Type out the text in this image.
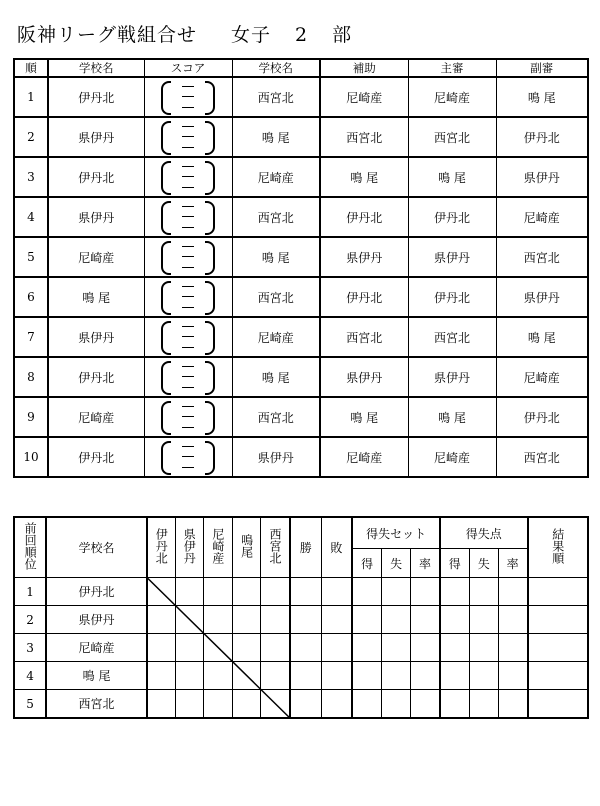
阪神リーグ戦組合せ 女子 2 部
順	学校名	スコア	学校名	補助	主審	副審
1	伊丹北		西宮北	尼崎産	尼崎産	鳴 尾
2	県伊丹		鳴 尾	西宮北	西宮北	伊丹北
3	伊丹北		尼崎産	鳴 尾	鳴 尾	県伊丹
4	県伊丹		西宮北	伊丹北	伊丹北	尼崎産
5	尼崎産		鳴 尾	県伊丹	県伊丹	西宮北
6	鳴 尾		西宮北	伊丹北	伊丹北	県伊丹
7	県伊丹		尼崎産	西宮北	西宮北	鳴 尾
8	伊丹北		鳴 尾	県伊丹	県伊丹	尼崎産
9	尼崎産		西宮北	鳴 尾	鳴 尾	伊丹北
10	伊丹北		県伊丹	尼崎産	尼崎産	西宮北
前回順位	学校名	伊丹北	県伊丹	尼崎産	鳴尾	西宮北	勝	敗	得失セット			得失点			結果順
									得	失	率	得	失	率	
1	伊丹北														
2	県伊丹														
3	尼崎産														
4	鳴 尾														
5	西宮北														
